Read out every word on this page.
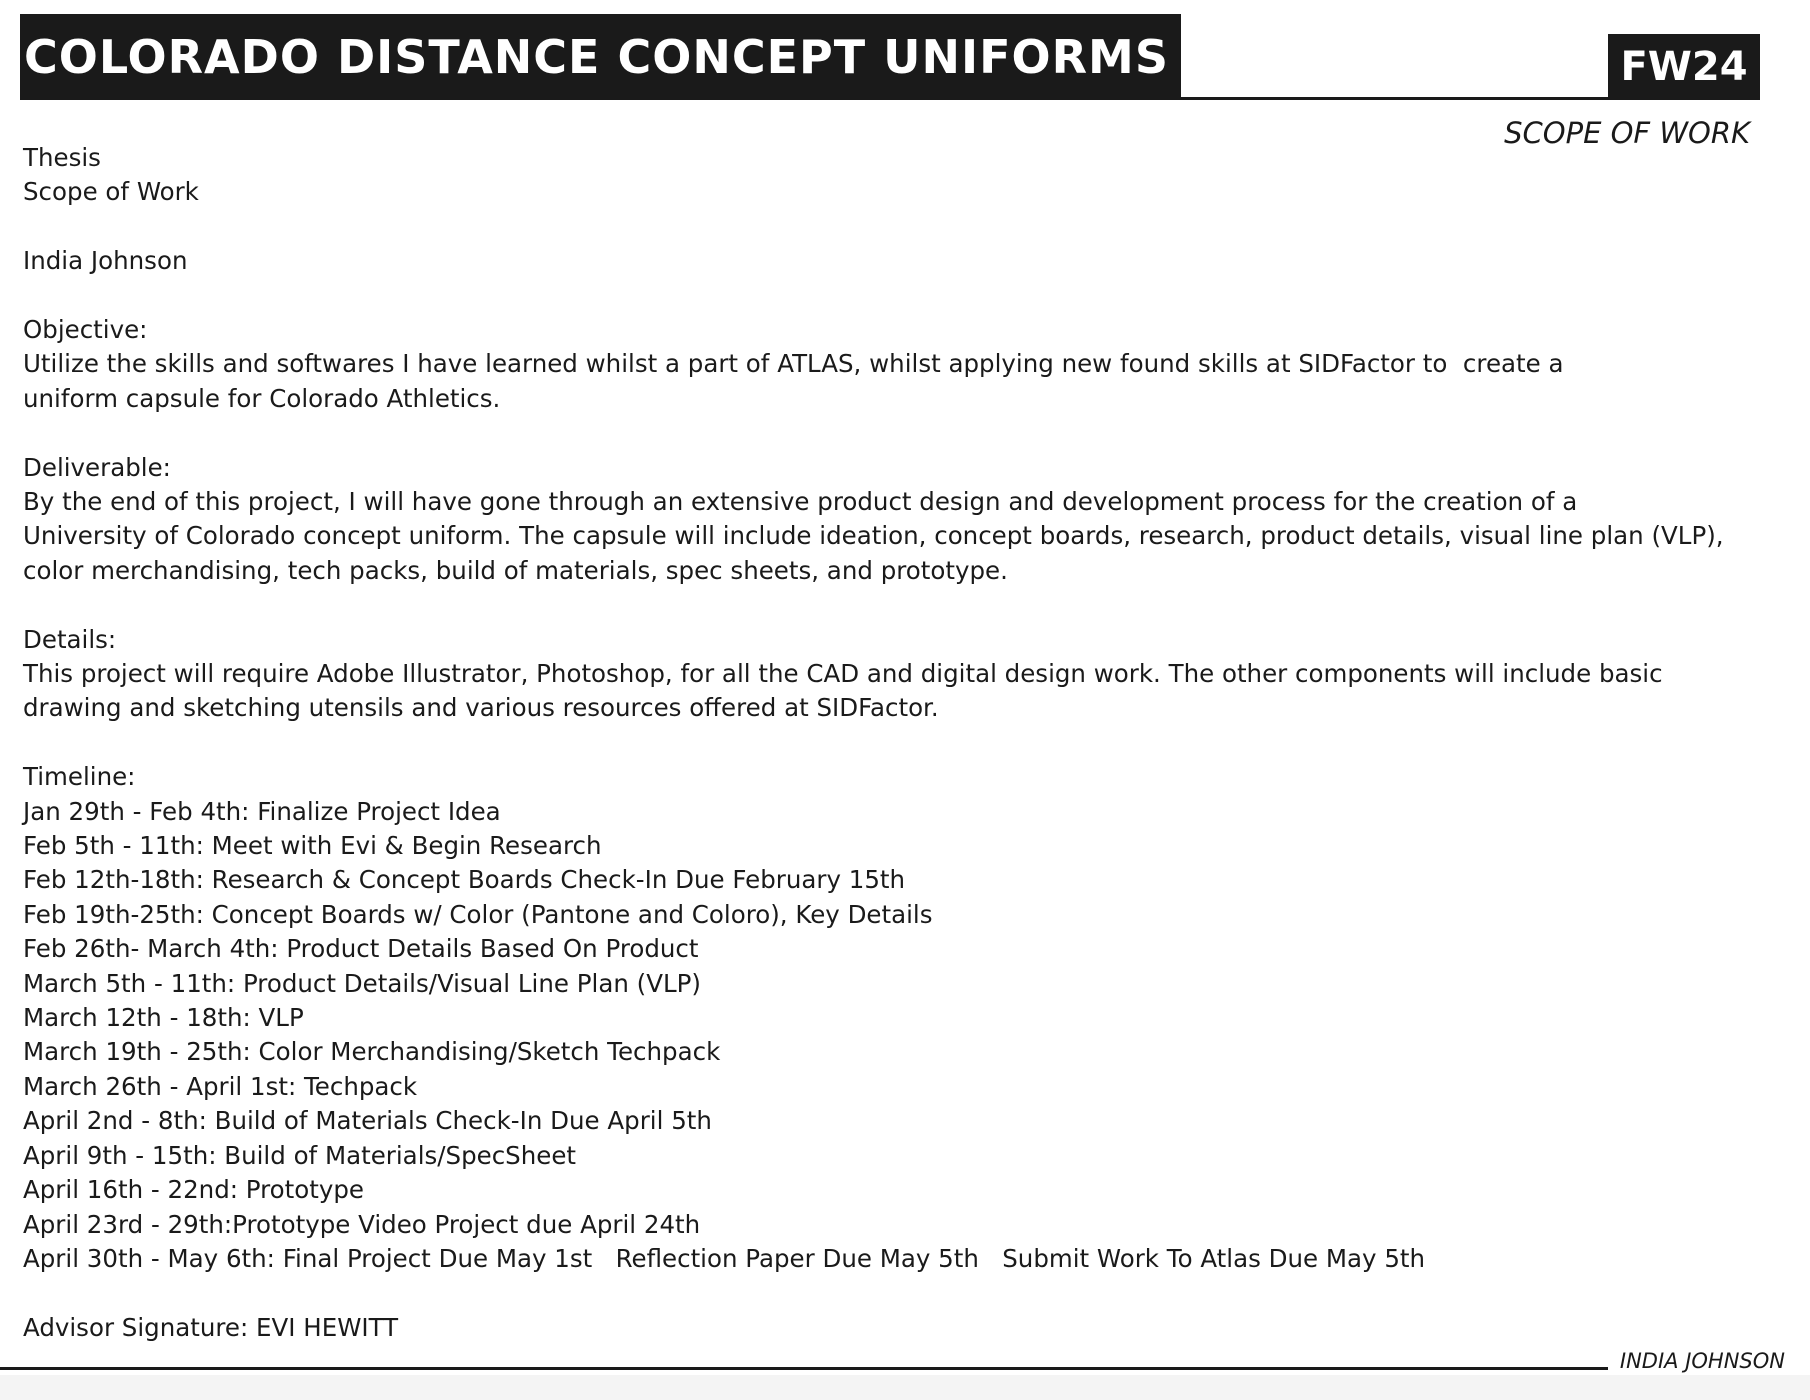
COLORADO DISTANCE CONCEPT UNIFORMS	FW24
SCOPE OF WORK
Thesis
Scope of Work
India Johnson
Objective:
Utilize the skills and softwares I have learned whilst a part of ATLAS, whilst applying new found skills at SIDFactor to  create a
uniform capsule for Colorado Athletics.
Deliverable:
By the end of this project, I will have gone through an extensive product design and development process for the creation of a
University of Colorado concept uniform. The capsule will include ideation, concept boards, research, product details, visual line plan (VLP),
color merchandising, tech packs, build of materials, spec sheets, and prototype.
Details:
This project will require Adobe Illustrator, Photoshop, for all the CAD and digital design work. The other components will include basic
drawing and sketching utensils and various resources offered at SIDFactor.
Timeline:
Jan 29th - Feb 4th: Finalize Project Idea
Feb 5th - 11th: Meet with Evi & Begin Research
Feb 12th-18th: Research & Concept Boards Check-In Due February 15th
Feb 19th-25th: Concept Boards w/ Color (Pantone and Coloro), Key Details
Feb 26th- March 4th: Product Details Based On Product
March 5th - 11th: Product Details/Visual Line Plan (VLP)
March 12th - 18th: VLP
March 19th - 25th: Color Merchandising/Sketch Techpack
March 26th - April 1st: Techpack
April 2nd - 8th: Build of Materials Check-In Due April 5th
April 9th - 15th: Build of Materials/SpecSheet
April 16th - 22nd: Prototype
April 23rd - 29th:Prototype Video Project due April 24th
April 30th - May 6th: Final Project Due May 1st   Reflection Paper Due May 5th   Submit Work To Atlas Due May 5th
Advisor Signature: EVI HEWITT
INDIA JOHNSON
